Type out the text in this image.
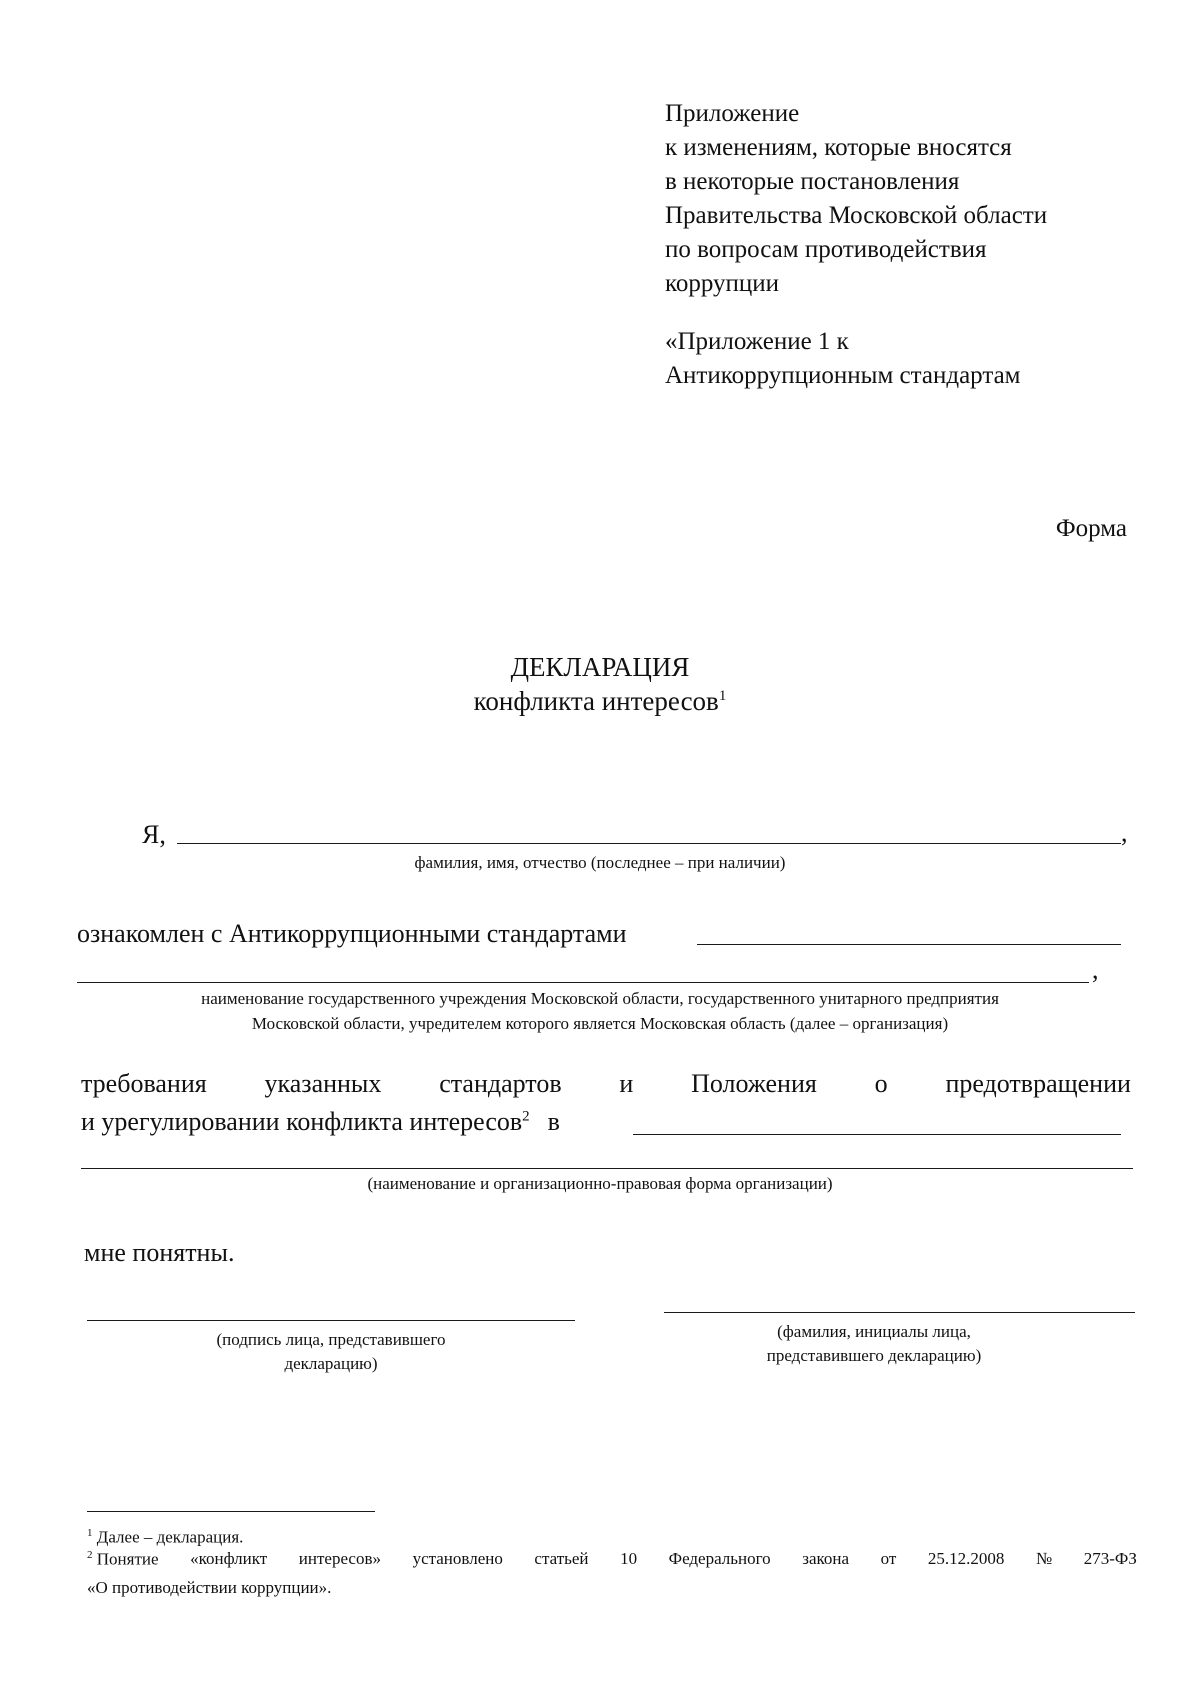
Приложение
к изменениям, которые вносятся
в некоторые постановления
Правительства Московской области
по вопросам противодействия
коррупции
«Приложение 1 к
Антикоррупционным стандартам
Форма
ДЕКЛАРАЦИЯ
конфликта интересов$^1$
Я,	,
фамилия, имя, отчество (последнее – при наличии)
ознакомлен с Антикоррупционными стандартами
,
наименование государственного учреждения Московской области, государственного унитарного предприятия
Московской области, учредителем которого является Московская область (далее – организация)
требования указанных стандартов и Положения о предотвращении
и урегулировании конфликта интересов$^2$ в
(наименование и организационно-правовая форма организации)
мне понятны.
(подпись лица, представившего
декларацию)
(фамилия, инициалы лица,
представившего декларацию)
$^1$ Далее – декларация.
$^2$ Понятие «конфликт интересов» установлено статьей 10 Федерального закона от 25.12.2008 № 273-ФЗ
«О противодействии коррупции».
